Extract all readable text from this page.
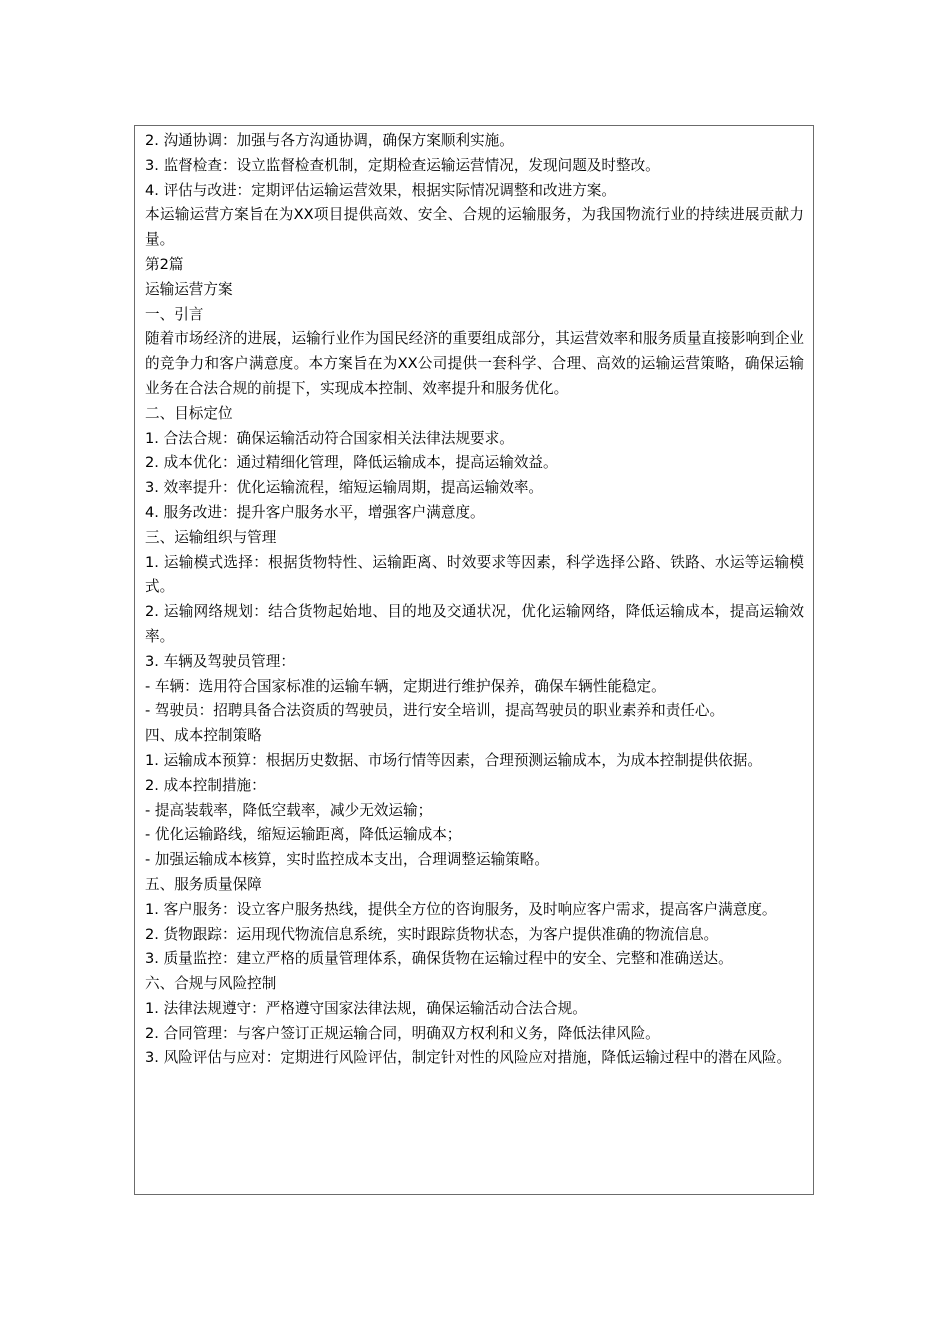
2. 沟通协调：加强与各方沟通协调，确保方案顺利实施。
3. 监督检查：设立监督检查机制，定期检查运输运营情况，发现问题及时整改。
4. 评估与改进：定期评估运输运营效果，根据实际情况调整和改进方案。
本运输运营方案旨在为XX项目提供高效、安全、合规的运输服务，为我国物流行业的持续进展贡献力量。
第2篇
运输运营方案
一、引言
随着市场经济的进展，运输行业作为国民经济的重要组成部分，其运营效率和服务质量直接影响到企业的竞争力和客户满意度。本方案旨在为XX公司提供一套科学、合理、高效的运输运营策略，确保运输业务在合法合规的前提下，实现成本控制、效率提升和服务优化。
二、目标定位
1. 合法合规：确保运输活动符合国家相关法律法规要求。
2. 成本优化：通过精细化管理，降低运输成本，提高运输效益。
3. 效率提升：优化运输流程，缩短运输周期，提高运输效率。
4. 服务改进：提升客户服务水平，增强客户满意度。
三、运输组织与管理
1. 运输模式选择：根据货物特性、运输距离、时效要求等因素，科学选择公路、铁路、水运等运输模式。
2. 运输网络规划：结合货物起始地、目的地及交通状况，优化运输网络，降低运输成本，提高运输效率。
3. 车辆及驾驶员管理：
- 车辆：选用符合国家标准的运输车辆，定期进行维护保养，确保车辆性能稳定。
- 驾驶员：招聘具备合法资质的驾驶员，进行安全培训，提高驾驶员的职业素养和责任心。
四、成本控制策略
1. 运输成本预算：根据历史数据、市场行情等因素，合理预测运输成本，为成本控制提供依据。
2. 成本控制措施：
- 提高装载率，降低空载率，减少无效运输；
- 优化运输路线，缩短运输距离，降低运输成本；
- 加强运输成本核算，实时监控成本支出，合理调整运输策略。
五、服务质量保障
1. 客户服务：设立客户服务热线，提供全方位的咨询服务，及时响应客户需求，提高客户满意度。
2. 货物跟踪：运用现代物流信息系统，实时跟踪货物状态，为客户提供准确的物流信息。
3. 质量监控：建立严格的质量管理体系，确保货物在运输过程中的安全、完整和准确送达。
六、合规与风险控制
1. 法律法规遵守：严格遵守国家法律法规，确保运输活动合法合规。
2. 合同管理：与客户签订正规运输合同，明确双方权利和义务，降低法律风险。
3. 风险评估与应对：定期进行风险评估，制定针对性的风险应对措施，降低运输过程中的潜在风险。
